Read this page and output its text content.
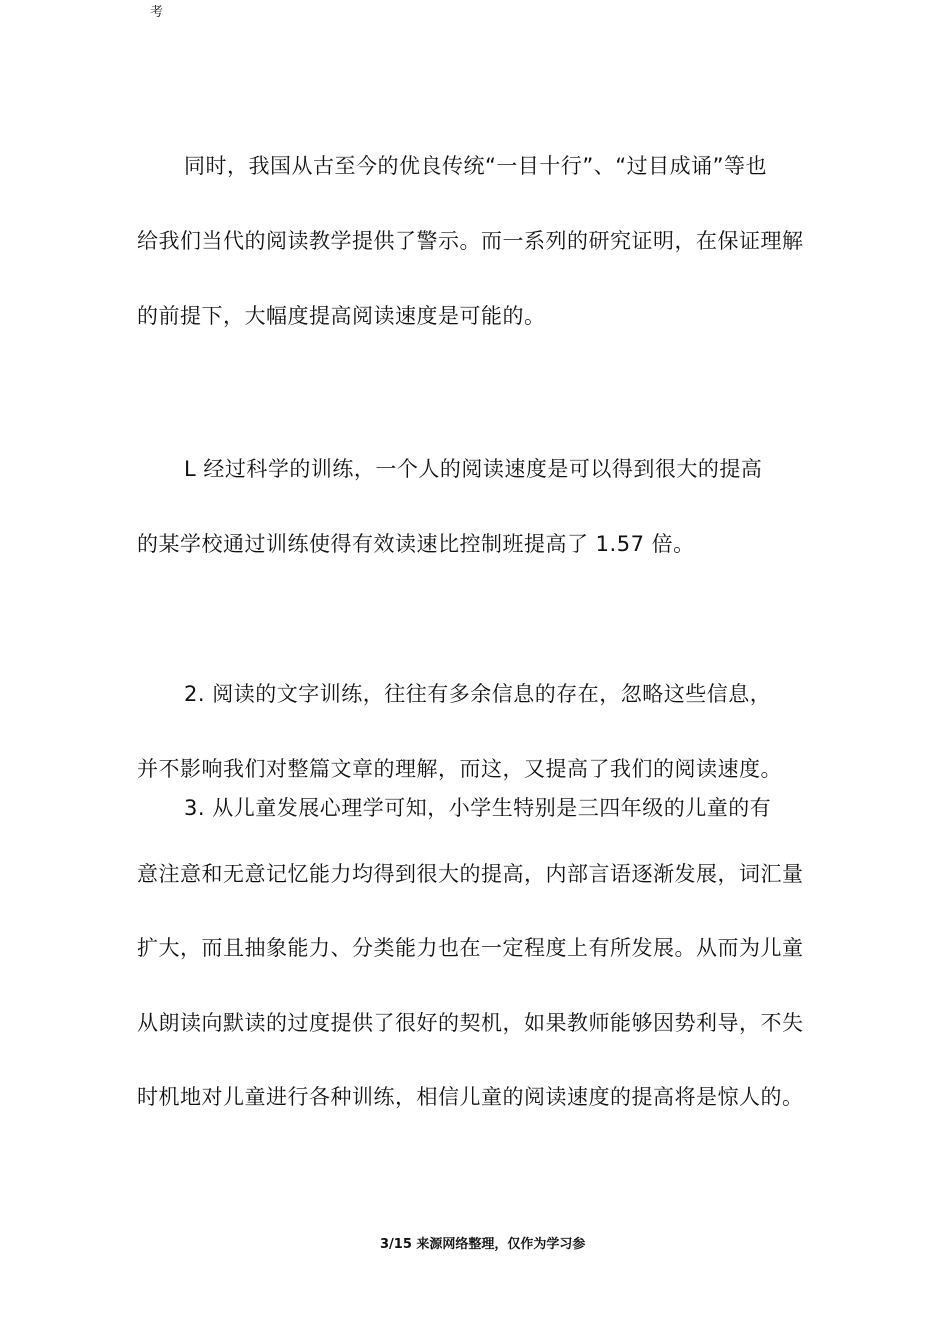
考
同时，我国从古至今的优良传统“一目十行”、“过目成诵”等也
给我们当代的阅读教学提供了警示。而一系列的研究证明，在保证理解
的前提下，大幅度提高阅读速度是可能的。
L 经过科学的训练，一个人的阅读速度是可以得到很大的提高
的某学校通过训练使得有效读速比控制班提高了 1.57 倍。
2. 阅读的文字训练，往往有多余信息的存在，忽略这些信息，
并不影响我们对整篇文章的理解，而这，又提高了我们的阅读速度。
3. 从儿童发展心理学可知，小学生特别是三四年级的儿童的有
意注意和无意记忆能力均得到很大的提高，内部言语逐渐发展，词汇量
扩大，而且抽象能力、分类能力也在一定程度上有所发展。从而为儿童
从朗读向默读的过度提供了很好的契机，如果教师能够因势利导，不失
时机地对儿童进行各种训练，相信儿童的阅读速度的提高将是惊人的。
3/15 来源网络整理，仅作为学习参
